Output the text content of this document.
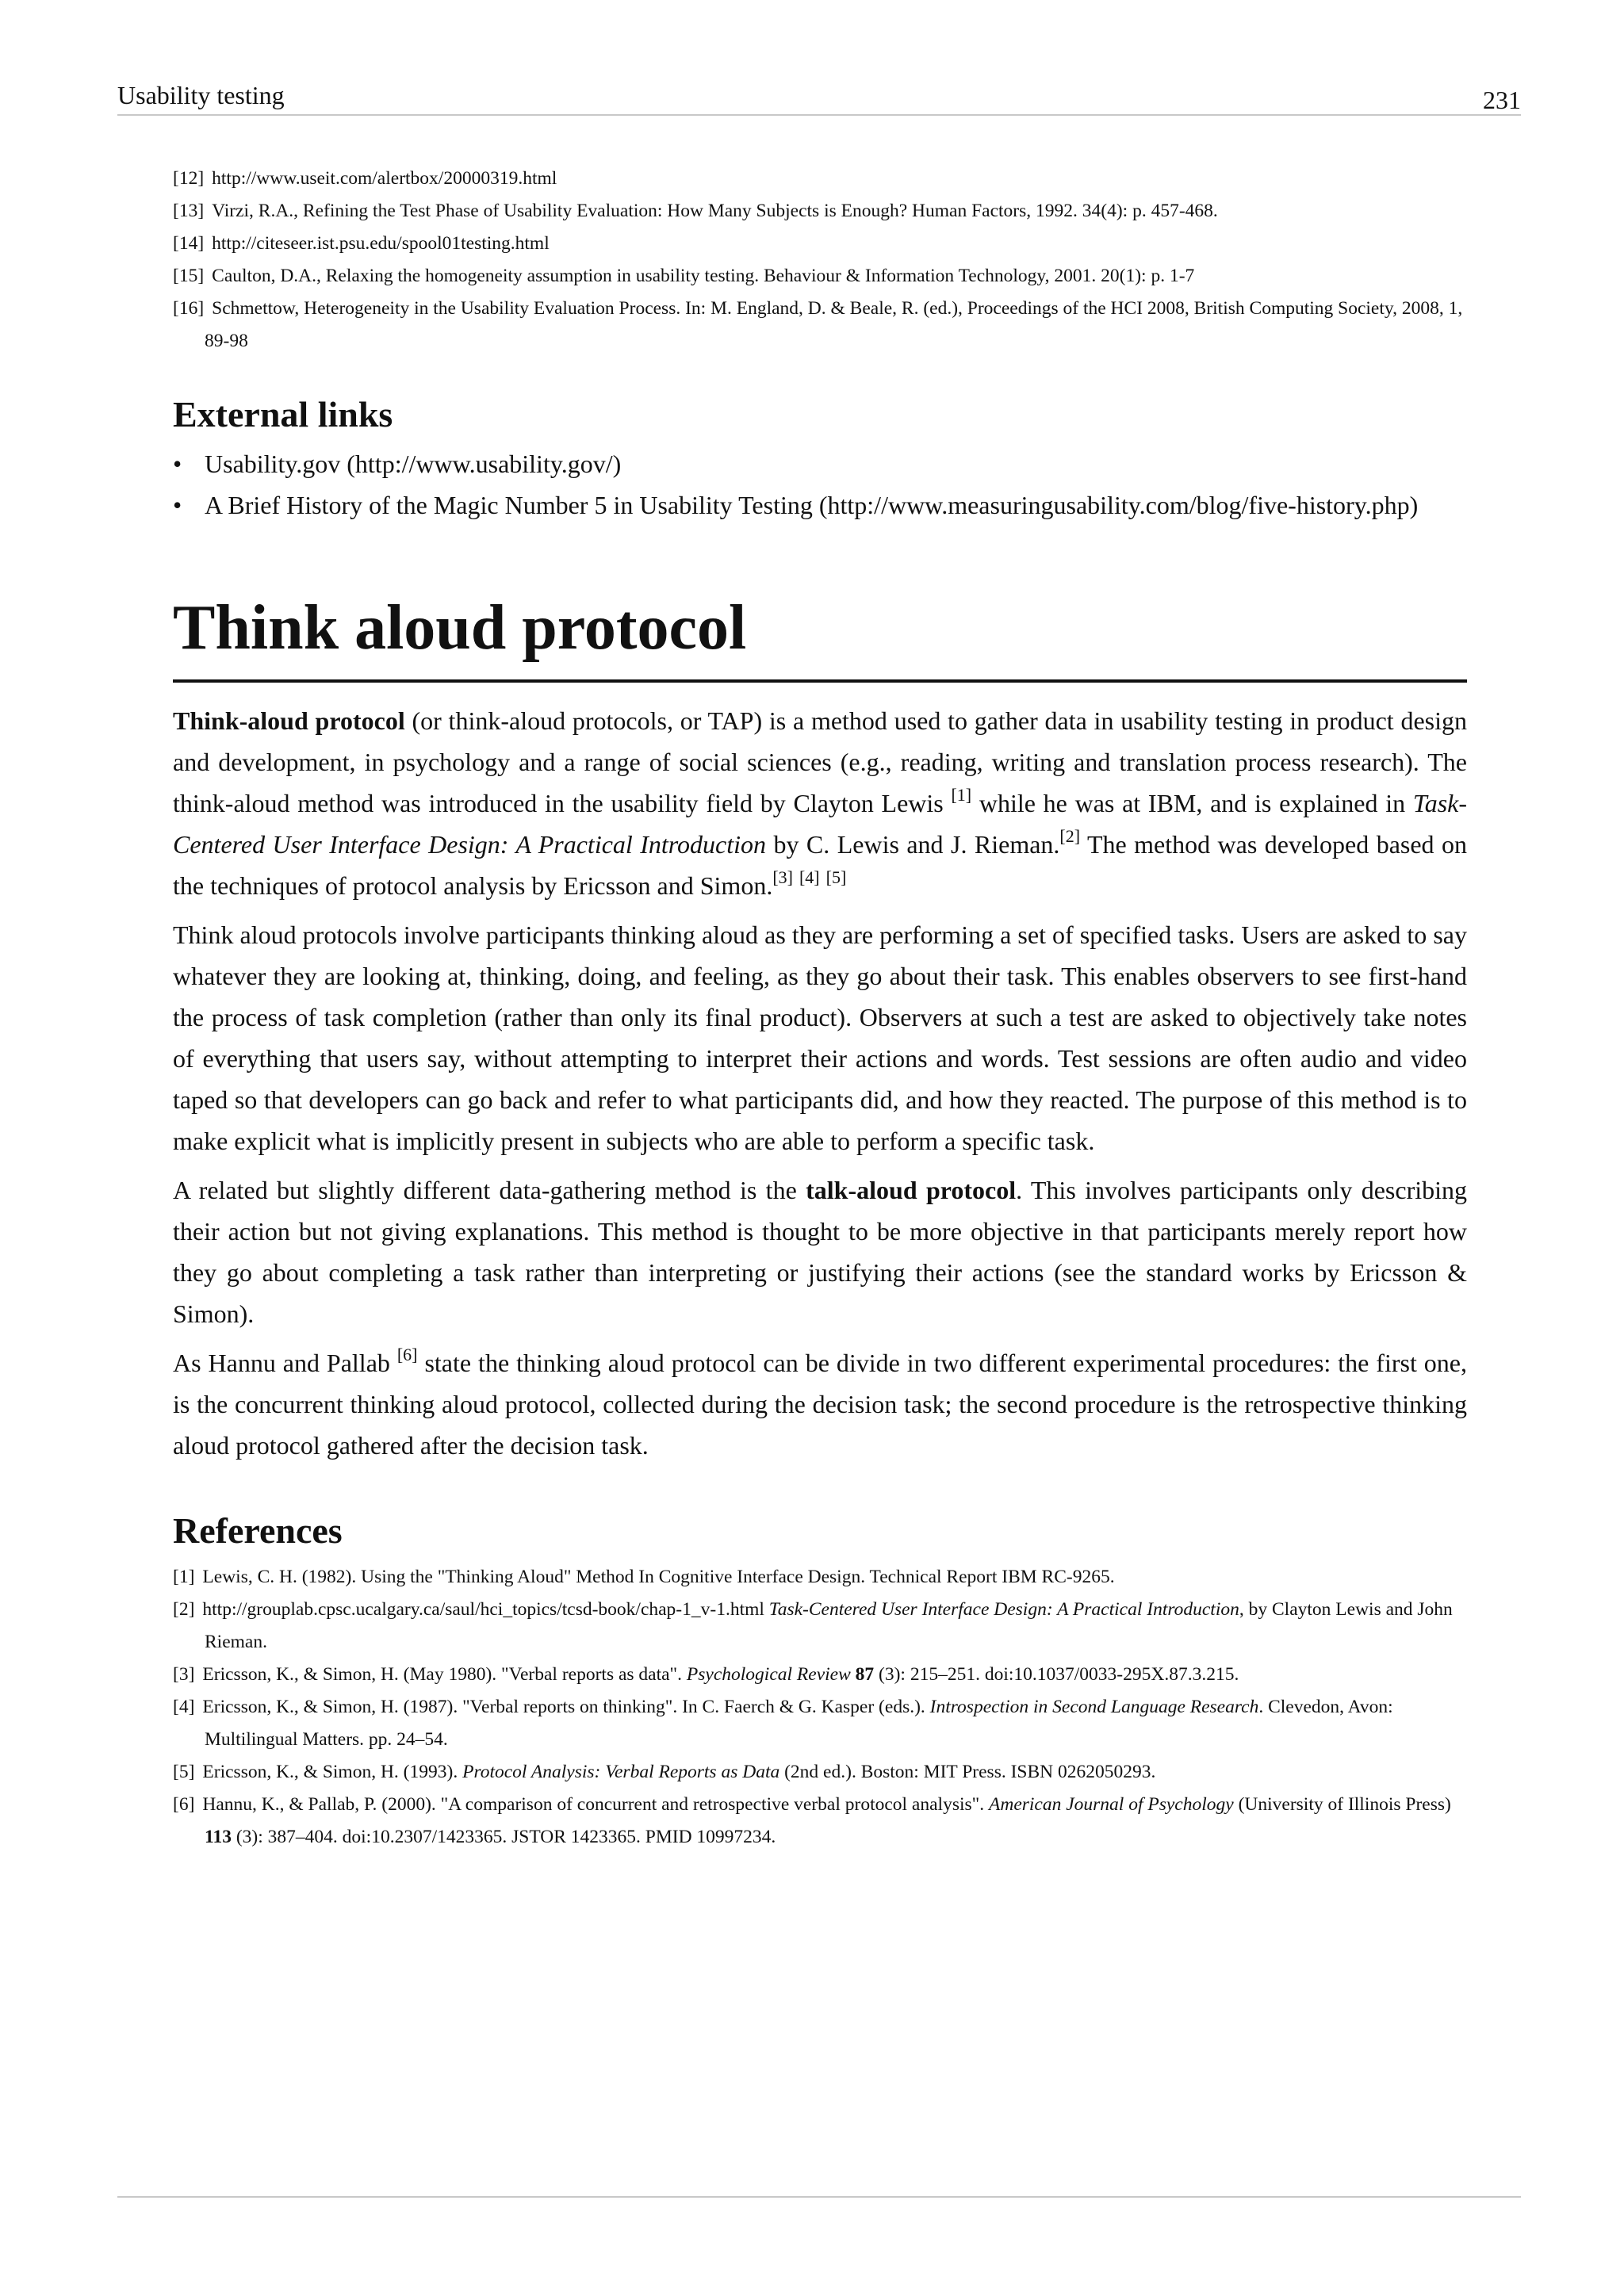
Usability testing	231
[12] http://www.useit.com/alertbox/20000319.html
[13] Virzi, R.A., Refining the Test Phase of Usability Evaluation: How Many Subjects is Enough? Human Factors, 1992. 34(4): p. 457-468.
[14] http://citeseer.ist.psu.edu/spool01testing.html
[15] Caulton, D.A., Relaxing the homogeneity assumption in usability testing. Behaviour & Information Technology, 2001. 20(1): p. 1-7
[16] Schmettow, Heterogeneity in the Usability Evaluation Process. In: M. England, D. & Beale, R. (ed.), Proceedings of the HCI 2008, British Computing Society, 2008, 1, 89-98
External links
• Usability.gov (http://www.usability.gov/)
• A Brief History of the Magic Number 5 in Usability Testing (http://www.measuringusability.com/blog/five-history.php)
Think aloud protocol

Think-aloud protocol (or think-aloud protocols, or TAP) is a method used to gather data in usability testing in product design and development, in psychology and a range of social sciences (e.g., reading, writing and translation process research). The think-aloud method was introduced in the usability field by Clayton Lewis [1] while he was at IBM, and is explained in Task-Centered User Interface Design: A Practical Introduction by C. Lewis and J. Rieman.[2] The method was developed based on the techniques of protocol analysis by Ericsson and Simon.[3] [4] [5]

Think aloud protocols involve participants thinking aloud as they are performing a set of specified tasks. Users are asked to say whatever they are looking at, thinking, doing, and feeling, as they go about their task. This enables observers to see first-hand the process of task completion (rather than only its final product). Observers at such a test are asked to objectively take notes of everything that users say, without attempting to interpret their actions and words. Test sessions are often audio and video taped so that developers can go back and refer to what participants did, and how they reacted. The purpose of this method is to make explicit what is implicitly present in subjects who are able to perform a specific task.

A related but slightly different data-gathering method is the talk-aloud protocol. This involves participants only describing their action but not giving explanations. This method is thought to be more objective in that participants merely report how they go about completing a task rather than interpreting or justifying their actions (see the standard works by Ericsson & Simon).

As Hannu and Pallab [6] state the thinking aloud protocol can be divide in two different experimental procedures: the first one, is the concurrent thinking aloud protocol, collected during the decision task; the second procedure is the retrospective thinking aloud protocol gathered after the decision task.

References
[1] Lewis, C. H. (1982). Using the "Thinking Aloud" Method In Cognitive Interface Design. Technical Report IBM RC-9265.
[2] http://grouplab.cpsc.ucalgary.ca/saul/hci_topics/tcsd-book/chap-1_v-1.html Task-Centered User Interface Design: A Practical Introduction, by Clayton Lewis and John Rieman.
[3] Ericsson, K., & Simon, H. (May 1980). "Verbal reports as data". Psychological Review 87 (3): 215–251. doi:10.1037/0033-295X.87.3.215.
[4] Ericsson, K., & Simon, H. (1987). "Verbal reports on thinking". In C. Faerch & G. Kasper (eds.). Introspection in Second Language Research. Clevedon, Avon: Multilingual Matters. pp. 24–54.
[5] Ericsson, K., & Simon, H. (1993). Protocol Analysis: Verbal Reports as Data (2nd ed.). Boston: MIT Press. ISBN 0262050293.
[6] Hannu, K., & Pallab, P. (2000). "A comparison of concurrent and retrospective verbal protocol analysis". American Journal of Psychology (University of Illinois Press) 113 (3): 387–404. doi:10.2307/1423365. JSTOR 1423365. PMID 10997234.
